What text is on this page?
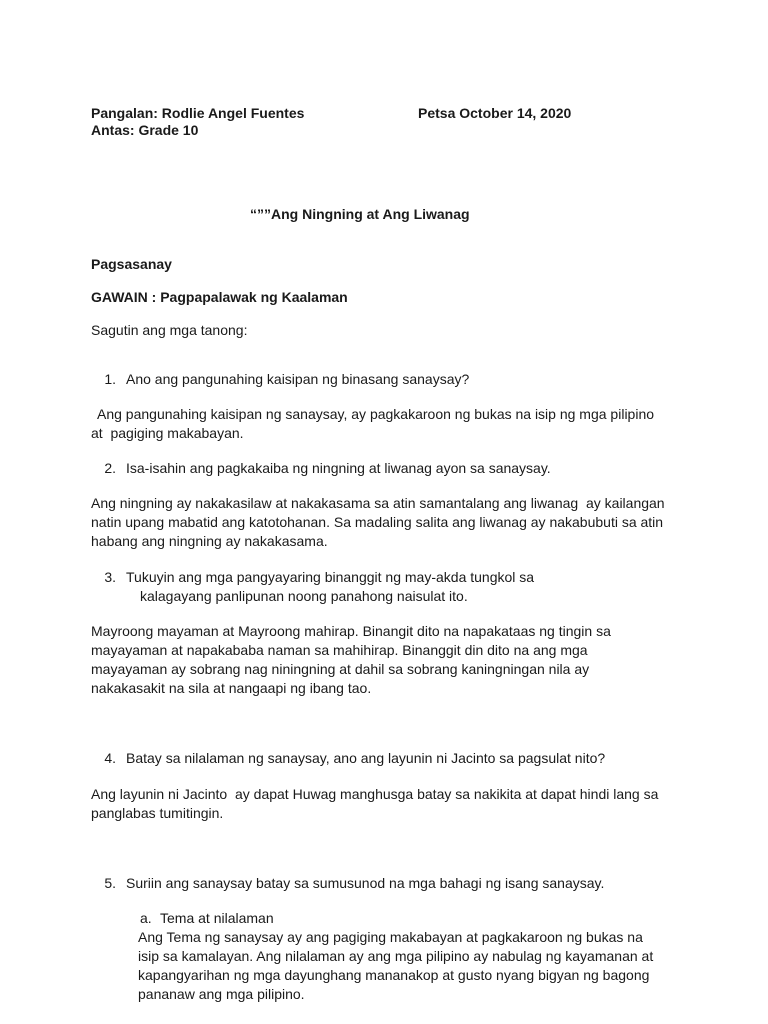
Pangalan: Rodlie Angel Fuentes	Petsa October 14, 2020
Antas: Grade 10
“””Ang Ningning at Ang Liwanag
Pagsasanay
GAWAIN : Pagpapalawak ng Kaalaman
Sagutin ang mga tanong:
1. Ano ang pangunahing kaisipan ng binasang sanaysay?
Ang pangunahing kaisipan ng sanaysay, ay pagkakaroon ng bukas na isip ng mga pilipino
at  pagiging makabayan.
2. Isa-isahin ang pagkakaiba ng ningning at liwanag ayon sa sanaysay.
Ang ningning ay nakakasilaw at nakakasama sa atin samantalang ang liwanag  ay kailangan
natin upang mabatid ang katotohanan. Sa madaling salita ang liwanag ay nakabubuti sa atin
habang ang ningning ay nakakasama.
3. Tukuyin ang mga pangyayaring binanggit ng may-akda tungkol sa
kalagayang panlipunan noong panahong naisulat ito.
Mayroong mayaman at Mayroong mahirap. Binangit dito na napakataas ng tingin sa
mayayaman at napakababa naman sa mahihirap. Binanggit din dito na ang mga
mayayaman ay sobrang nag niningning at dahil sa sobrang kaningningan nila ay
nakakasakit na sila at nangaapi ng ibang tao.
4. Batay sa nilalaman ng sanaysay, ano ang layunin ni Jacinto sa pagsulat nito?
Ang layunin ni Jacinto  ay dapat Huwag manghusga batay sa nakikita at dapat hindi lang sa
panglabas tumitingin.
5. Suriin ang sanaysay batay sa sumusunod na mga bahagi ng isang sanaysay.
a. Tema at nilalaman
Ang Tema ng sanaysay ay ang pagiging makabayan at pagkakaroon ng bukas na
isip sa kamalayan. Ang nilalaman ay ang mga pilipino ay nabulag ng kayamanan at
kapangyarihan ng mga dayunghang mananakop at gusto nyang bigyan ng bagong
pananaw ang mga pilipino.
